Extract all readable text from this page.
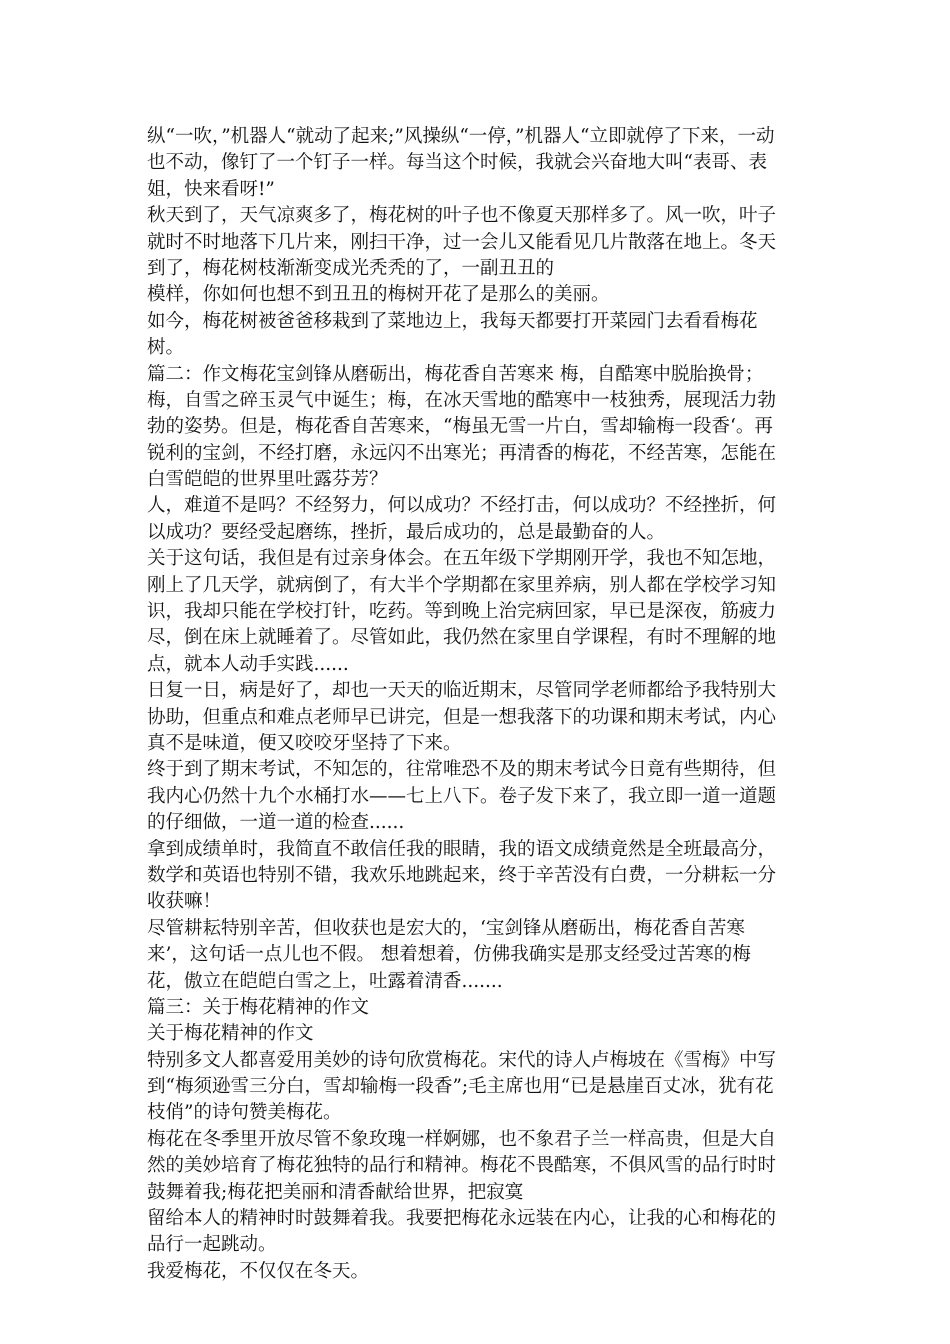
纵“一吹，”机器人“就动了起来;”风操纵“一停，”机器人“立即就停了下来，一动
也不动，像钉了一个钉子一样。每当这个时候，我就会兴奋地大叫“表哥、表
姐，快来看呀!”
秋天到了，天气凉爽多了，梅花树的叶子也不像夏天那样多了。风一吹，叶子
就时不时地落下几片来，刚扫干净，过一会儿又能看见几片散落在地上。冬天
到了，梅花树枝渐渐变成光秃秃的了，一副丑丑的
模样，你如何也想不到丑丑的梅树开花了是那么的美丽。
如今，梅花树被爸爸移栽到了菜地边上，我每天都要打开菜园门去看看梅花
树。
篇二：作文梅花宝剑锋从磨砺出，梅花香自苦寒来 梅，自酷寒中脱胎换骨；
梅，自雪之碎玉灵气中诞生；梅，在冰天雪地的酷寒中一枝独秀，展现活力勃
勃的姿势。但是，梅花香自苦寒来，“梅虽无雪一片白，雪却输梅一段香‘。再
锐利的宝剑，不经打磨，永远闪不出寒光；再清香的梅花，不经苦寒，怎能在
白雪皑皑的世界里吐露芬芳？
人，难道不是吗？不经努力，何以成功？不经打击，何以成功？不经挫折，何
以成功？要经受起磨练，挫折，最后成功的，总是最勤奋的人。
关于这句话，我但是有过亲身体会。在五年级下学期刚开学，我也不知怎地，
刚上了几天学，就病倒了，有大半个学期都在家里养病，别人都在学校学习知
识，我却只能在学校打针，吃药。等到晚上治完病回家，早已是深夜，筋疲力
尽，倒在床上就睡着了。尽管如此，我仍然在家里自学课程，有时不理解的地
点，就本人动手实践......
日复一日，病是好了，却也一天天的临近期末，尽管同学老师都给予我特别大
协助，但重点和难点老师早已讲完，但是一想我落下的功课和期末考试，内心
真不是味道，便又咬咬牙坚持了下来。
终于到了期末考试，不知怎的，往常唯恐不及的期末考试今日竟有些期待，但
我内心仍然十九个水桶打水——七上八下。卷子发下来了，我立即一道一道题
的仔细做，一道一道的检查......
拿到成绩单时，我简直不敢信任我的眼睛，我的语文成绩竟然是全班最高分，
数学和英语也特别不错，我欢乐地跳起来，终于辛苦没有白费，一分耕耘一分
收获嘛！
尽管耕耘特别辛苦，但收获也是宏大的，‘宝剑锋从磨砺出，梅花香自苦寒
来’，这句话一点儿也不假。 想着想着，仿佛我确实是那支经受过苦寒的梅
花，傲立在皑皑白雪之上，吐露着清香.......
篇三：关于梅花精神的作文
关于梅花精神的作文
特别多文人都喜爱用美妙的诗句欣赏梅花。宋代的诗人卢梅坡在《雪梅》中写
到“梅须逊雪三分白，雪却输梅一段香”;毛主席也用“已是悬崖百丈冰，犹有花
枝俏”的诗句赞美梅花。
梅花在冬季里开放尽管不象玫瑰一样婀娜，也不象君子兰一样高贵，但是大自
然的美妙培育了梅花独特的品行和精神。梅花不畏酷寒，不俱风雪的品行时时
鼓舞着我;梅花把美丽和清香献给世界，把寂寞
留给本人的精神时时鼓舞着我。我要把梅花永远装在内心，让我的心和梅花的
品行一起跳动。
我爱梅花，不仅仅在冬天。
